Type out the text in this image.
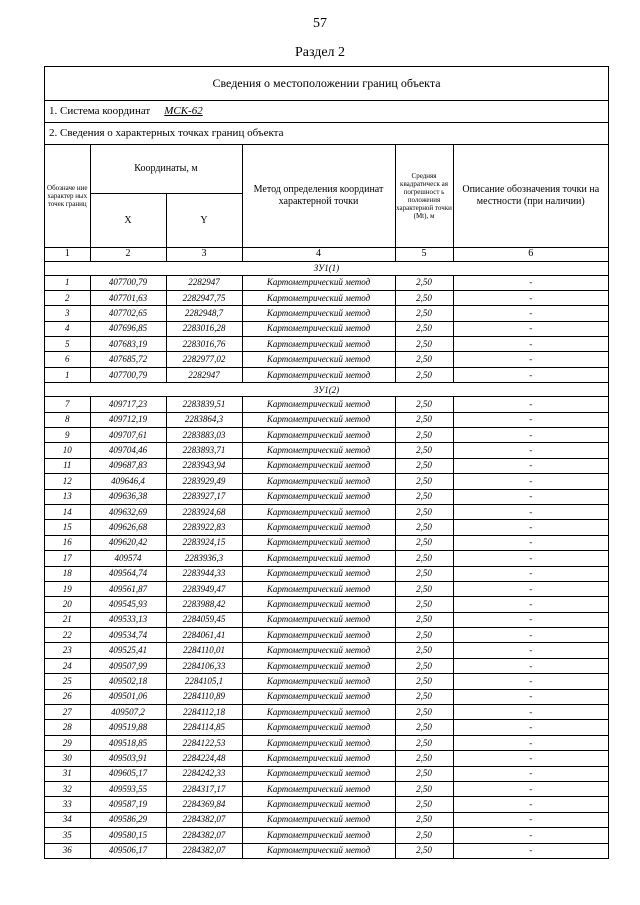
57
Раздел 2
Сведения о местоположении границ объекта
1. Система координат МСК-62
2. Сведения о характерных точках границ объекта
Обозначе ние характер ных точек границ	Координаты, м		Метод определения координат характерной точки	Средняя квадратическ ая погрешност ь положения характерной точки (Mt), м	Описание обозначения точки на местности (при наличии)
	X	Y			
1	2	3	4	5	6
ЗУ1(1)					
1	407700,79	2282947	Картометрический метод	2,50	-
2	407701,63	2282947,75	Картометрический метод	2,50	-
3	407702,65	2282948,7	Картометрический метод	2,50	-
4	407696,85	2283016,28	Картометрический метод	2,50	-
5	407683,19	2283016,76	Картометрический метод	2,50	-
6	407685,72	2282977,02	Картометрический метод	2,50	-
1	407700,79	2282947	Картометрический метод	2,50	-
ЗУ1(2)					
7	409717,23	2283839,51	Картометрический метод	2,50	-
8	409712,19	2283864,3	Картометрический метод	2,50	-
9	409707,61	2283883,03	Картометрический метод	2,50	-
10	409704,46	2283893,71	Картометрический метод	2,50	-
11	409687,83	2283943,94	Картометрический метод	2,50	-
12	409646,4	2283929,49	Картометрический метод	2,50	-
13	409636,38	2283927,17	Картометрический метод	2,50	-
14	409632,69	2283924,68	Картометрический метод	2,50	-
15	409626,68	2283922,83	Картометрический метод	2,50	-
16	409620,42	2283924,15	Картометрический метод	2,50	-
17	409574	2283936,3	Картометрический метод	2,50	-
18	409564,74	2283944,33	Картометрический метод	2,50	-
19	409561,87	2283949,47	Картометрический метод	2,50	-
20	409545,93	2283988,42	Картометрический метод	2,50	-
21	409533,13	2284059,45	Картометрический метод	2,50	-
22	409534,74	2284061,41	Картометрический метод	2,50	-
23	409525,41	2284110,01	Картометрический метод	2,50	-
24	409507,99	2284106,33	Картометрический метод	2,50	-
25	409502,18	2284105,1	Картометрический метод	2,50	-
26	409501,06	2284110,89	Картометрический метод	2,50	-
27	409507,2	2284112,18	Картометрический метод	2,50	-
28	409519,88	2284114,85	Картометрический метод	2,50	-
29	409518,85	2284122,53	Картометрический метод	2,50	-
30	409503,91	2284224,48	Картометрический метод	2,50	-
31	409605,17	2284242,33	Картометрический метод	2,50	-
32	409593,55	2284317,17	Картометрический метод	2,50	-
33	409587,19	2284369,84	Картометрический метод	2,50	-
34	409586,29	2284382,07	Картометрический метод	2,50	-
35	409580,15	2284382,07	Картометрический метод	2,50	-
36	409506,17	2284382,07	Картометрический метод	2,50	-
